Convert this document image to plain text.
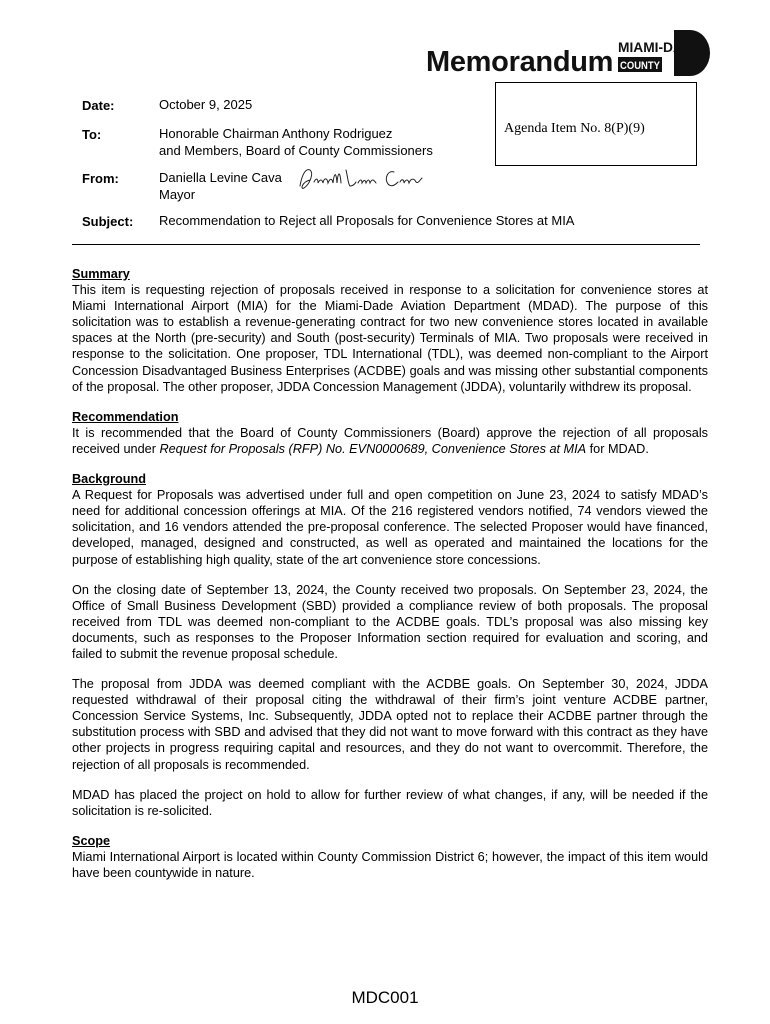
Memorandum MIAMI-DADE
COUNTY
Agenda Item No. 8(P)(9)
Date:	October 9, 2025
To:	Honorable Chairman Anthony Rodriguez
and Members, Board of County Commissioners
From:	Daniella Levine Cava
Mayor
Subject: Recommendation to Reject all Proposals for Convenience Stores at MIA

Summary

This item is requesting rejection of proposals received in response to a solicitation for convenience stores at Miami International Airport (MIA) for the Miami-Dade Aviation Department (MDAD). The purpose of this solicitation was to establish a revenue-generating contract for two new convenience stores located in available spaces at the North (pre-security) and South (post-security) Terminals of MIA. Two proposals were received in response to the solicitation. One proposer, TDL International (TDL), was deemed non-compliant to the Airport Concession Disadvantaged Business Enterprises (ACDBE) goals and was missing other substantial components of the proposal. The other proposer, JDDA Concession Management (JDDA), voluntarily withdrew its proposal.

Recommendation

It is recommended that the Board of County Commissioners (Board) approve the rejection of all proposals received under Request for Proposals (RFP) No. EVN0000689, Convenience Stores at MIA for MDAD.

Background

A Request for Proposals was advertised under full and open competition on June 23, 2024 to satisfy MDAD’s need for additional concession offerings at MIA. Of the 216 registered vendors notified, 74 vendors viewed the solicitation, and 16 vendors attended the pre-proposal conference. The selected Proposer would have financed, developed, managed, designed and constructed, as well as operated and maintained the locations for the purpose of establishing high quality, state of the art convenience store concessions.

On the closing date of September 13, 2024, the County received two proposals. On September 23, 2024, the Office of Small Business Development (SBD) provided a compliance review of both proposals. The proposal received from TDL was deemed non-compliant to the ACDBE goals. TDL’s proposal was also missing key documents, such as responses to the Proposer Information section required for evaluation and scoring, and failed to submit the revenue proposal schedule.

The proposal from JDDA was deemed compliant with the ACDBE goals. On September 30, 2024, JDDA requested withdrawal of their proposal citing the withdrawal of their firm’s joint venture ACDBE partner, Concession Service Systems, Inc. Subsequently, JDDA opted not to replace their ACDBE partner through the substitution process with SBD and advised that they did not want to move forward with this contract as they have other projects in progress requiring capital and resources, and they do not want to overcommit. Therefore, the rejection of all proposals is recommended.

MDAD has placed the project on hold to allow for further review of what changes, if any, will be needed if the solicitation is re-solicited.

Scope

Miami International Airport is located within County Commission District 6; however, the impact of this item would have been countywide in nature.

MDC001
